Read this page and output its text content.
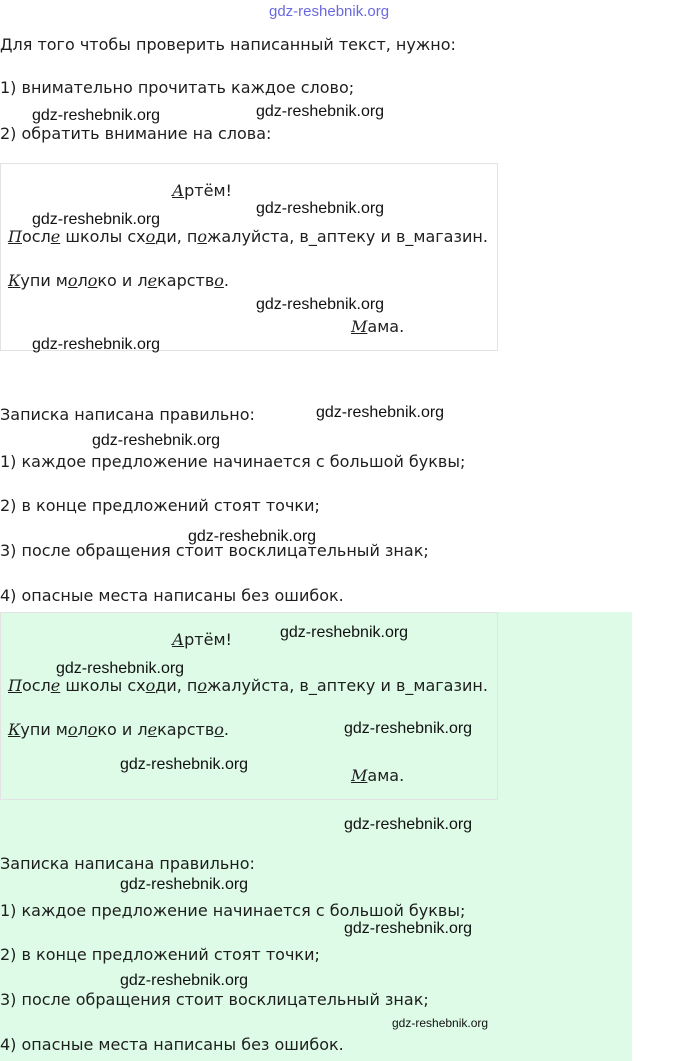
gdz-reshebnik.org
Для того чтобы проверить написанный текст, нужно:
1) внимательно прочитать каждое слово;
2) обратить внимание на слова:
Артём!
После школы сходи, пожалуйста, в_аптеку и в_магазин.
Купи молоко и лекарство.
Мама.
Записка написана правильно:
1) каждое предложение начинается с большой буквы;
2) в конце предложений стоят точки;
3) после обращения стоит восклицательный знак;
4) опасные места написаны без ошибок.
Артём!
После школы сходи, пожалуйста, в_аптеку и в_магазин.
Купи молоко и лекарство.
Мама.
Записка написана правильно:
1) каждое предложение начинается с большой буквы;
2) в конце предложений стоят точки;
3) после обращения стоит восклицательный знак;
4) опасные места написаны без ошибок.
gdz-reshebnik.org	gdz-reshebnik.org
gdz-reshebnik.org
gdz-reshebnik.org
gdz-reshebnik.org
gdz-reshebnik.org
gdz-reshebnik.org
gdz-reshebnik.org
gdz-reshebnik.org
gdz-reshebnik.org
gdz-reshebnik.org
gdz-reshebnik.org
gdz-reshebnik.org
gdz-reshebnik.org
gdz-reshebnik.org
gdz-reshebnik.org
gdz-reshebnik.org
gdz-reshebnik.org
